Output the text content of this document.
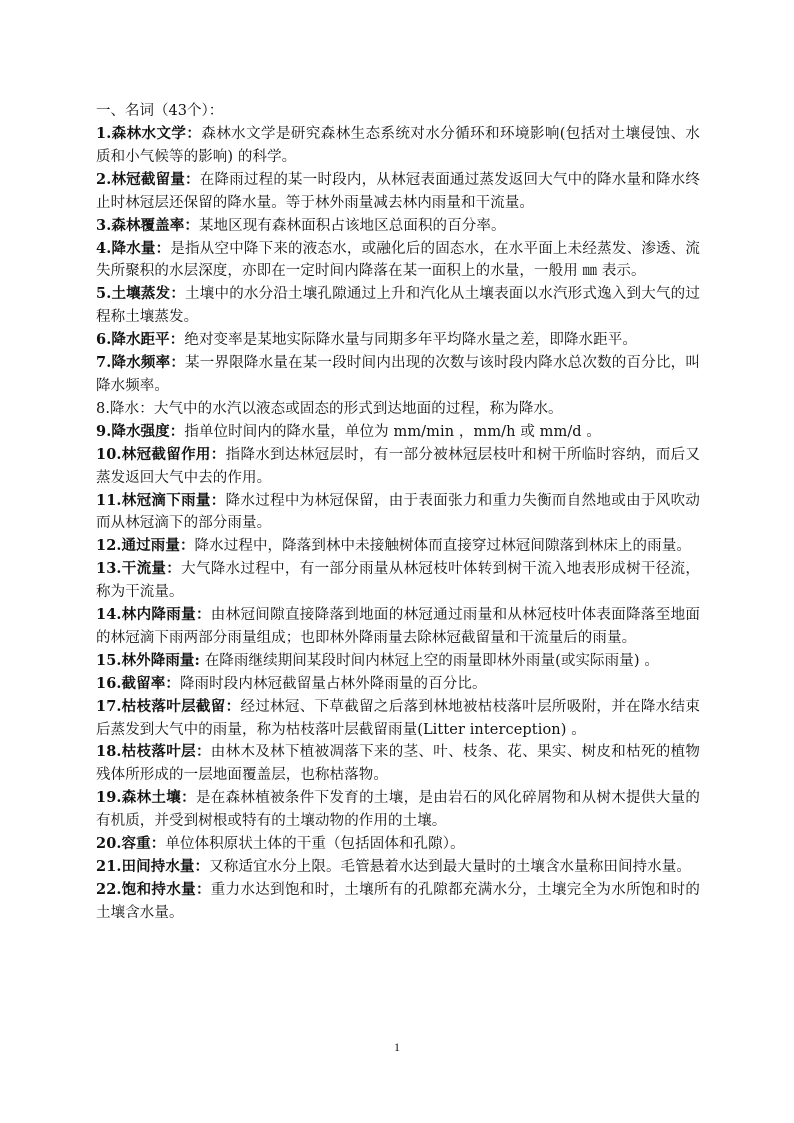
一、名词（43个）：

1.森林水文学：森林水文学是研究森林生态系统对水分循环和环境影响(包括对土壤侵蚀、水质和小气候等的影响) 的科学。

2.林冠截留量：在降雨过程的某一时段内，从林冠表面通过蒸发返回大气中的降水量和降水终止时林冠层还保留的降水量。等于林外雨量减去林内雨量和干流量。

3.森林覆盖率：某地区现有森林面积占该地区总面积的百分率。

4.降水量：是指从空中降下来的液态水，或融化后的固态水，在水平面上未经蒸发、渗透、流失所聚积的水层深度，亦即在一定时间内降落在某一面积上的水量，一般用 ㎜ 表示。

5.土壤蒸发：土壤中的水分沿土壤孔隙通过上升和汽化从土壤表面以水汽形式逸入到大气的过程称土壤蒸发。

6.降水距平：绝对变率是某地实际降水量与同期多年平均降水量之差，即降水距平。

7.降水频率：某一界限降水量在某一段时间内出现的次数与该时段内降水总次数的百分比，叫降水频率。

8.降水：大气中的水汽以液态或固态的形式到达地面的过程，称为降水。

9.降水强度：指单位时间内的降水量，单位为 mm/min ，mm/h 或 mm/d 。

10.林冠截留作用：指降水到达林冠层时，有一部分被林冠层枝叶和树干所临时容纳，而后又蒸发返回大气中去的作用。

11.林冠滴下雨量：降水过程中为林冠保留，由于表面张力和重力失衡而自然地或由于风吹动而从林冠滴下的部分雨量。

12.通过雨量：降水过程中，降落到林中未接触树体而直接穿过林冠间隙落到林床上的雨量。

13.干流量：大气降水过程中，有一部分雨量从林冠枝叶体转到树干流入地表形成树干径流，称为干流量。

14.林内降雨量：由林冠间隙直接降落到地面的林冠通过雨量和从林冠枝叶体表面降落至地面的林冠滴下雨两部分雨量组成；也即林外降雨量去除林冠截留量和干流量后的雨量。

15.林外降雨量: 在降雨继续期间某段时间内林冠上空的雨量即林外雨量(或实际雨量) 。

16.截留率：降雨时段内林冠截留量占林外降雨量的百分比。

17.枯枝落叶层截留：经过林冠、下草截留之后落到林地被枯枝落叶层所吸附，并在降水结束后蒸发到大气中的雨量，称为枯枝落叶层截留雨量(Litter interception) 。

18.枯枝落叶层：由林木及林下植被凋落下来的茎、叶、枝条、花、果实、树皮和枯死的植物残体所形成的一层地面覆盖层，也称枯落物。

19.森林土壤：是在森林植被条件下发育的土壤，是由岩石的风化碎屑物和从树木提供大量的有机质，并受到树根或特有的土壤动物的作用的土壤。

20.容重：单位体积原状土体的干重（包括固体和孔隙）。

21.田间持水量：又称适宜水分上限。毛管悬着水达到最大量时的土壤含水量称田间持水量。

22.饱和持水量：重力水达到饱和时，土壤所有的孔隙都充满水分，土壤完全为水所饱和时的土壤含水量。

1
